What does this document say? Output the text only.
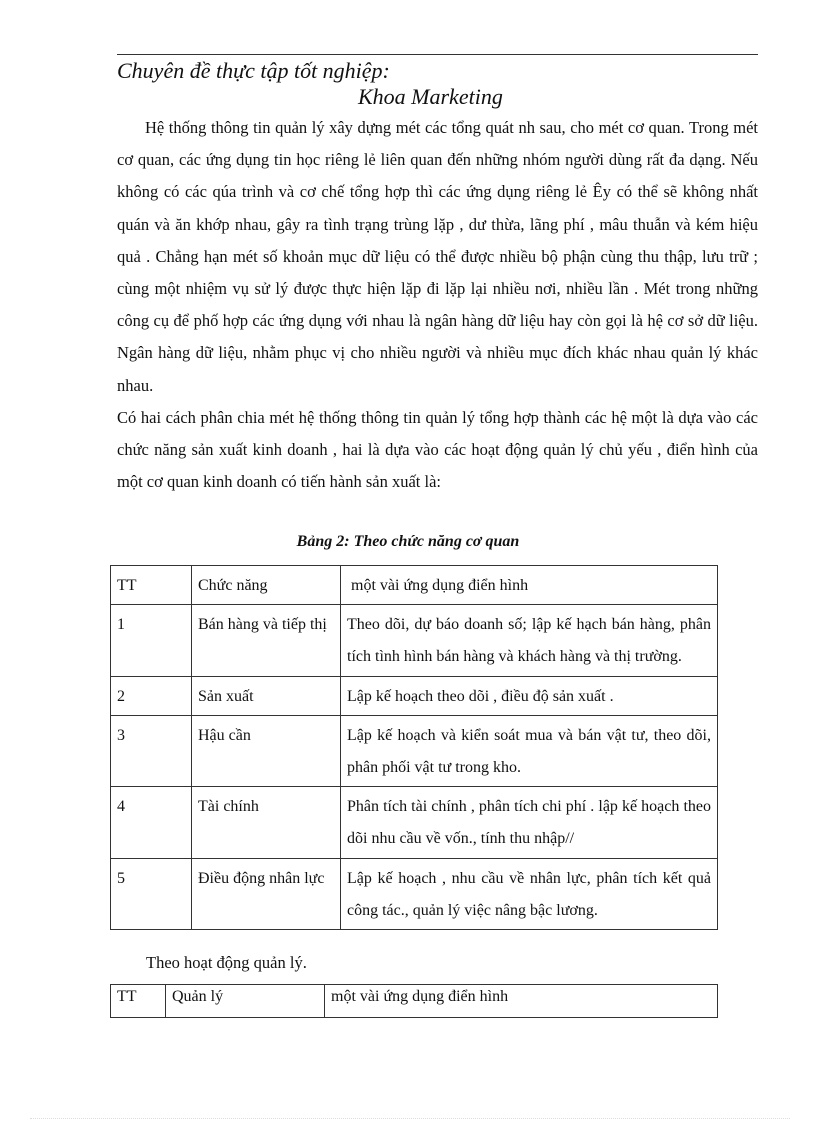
Chuyên đề thực tập tốt nghiệp:
Khoa Marketing

Hệ thống thông tin quản lý xây dựng mét các tổng quát nh sau, cho mét cơ quan. Trong mét cơ quan, các ứng dụng tin học riêng lẻ liên quan đến những nhóm người dùng rất đa dạng. Nếu không có các qúa trình và cơ chế tổng hợp thì các ứng dụng riêng lẻ Êy có thể sẽ không nhất quán và ăn khớp nhau, gây ra tình trạng trùng lặp , dư thừa, lãng phí , mâu thuẫn và kém hiệu quả . Chẳng hạn mét số khoản mục dữ liệu có thể được nhiều bộ phận cùng thu thập, lưu trữ ; cùng một nhiệm vụ sử lý được thực hiện lặp đi lặp lại nhiều nơi, nhiều lần . Mét trong những công cụ để phố hợp các ứng dụng với nhau là ngân hàng dữ liệu hay còn gọi là hệ cơ sở dữ liệu. Ngân hàng dữ liệu, nhằm phục vị cho nhiều người và nhiều mục đích khác nhau quản lý khác nhau.

Có hai cách phân chia mét hệ thống thông tin quản lý tổng hợp thành các hệ một là dựa vào các chức năng sản xuất kinh doanh , hai là dựa vào các hoạt động quản lý chủ yếu , điển hình của một cơ quan kinh doanh có tiến hành sản xuất là:

Bảng 2: Theo chức năng cơ quan
TT	Chức năng	một vài ứng dụng điển hình
1	Bán hàng và tiếp thị	Theo dõi, dự báo doanh số; lập kế hạch bán hàng, phân tích tình hình bán hàng và khách hàng và thị trường.
2	Sản xuất	Lập kế hoạch theo dõi , điều độ sản xuất .
3	Hậu cần	Lập kế hoạch và kiển soát mua và bán vật tư, theo dõi, phân phối vật tư trong kho.
4	Tài chính	Phân tích tài chính , phân tích chi phí . lập kế hoạch theo dõi nhu cầu về vốn., tính thu nhập//
5	Điều động nhân lực	Lập kế hoạch , nhu cầu về nhân lực, phân tích kết quả công tác., quản lý việc nâng bậc lương.
Theo hoạt động quản lý.
TT	Quản lý	một vài ứng dụng điển hình
